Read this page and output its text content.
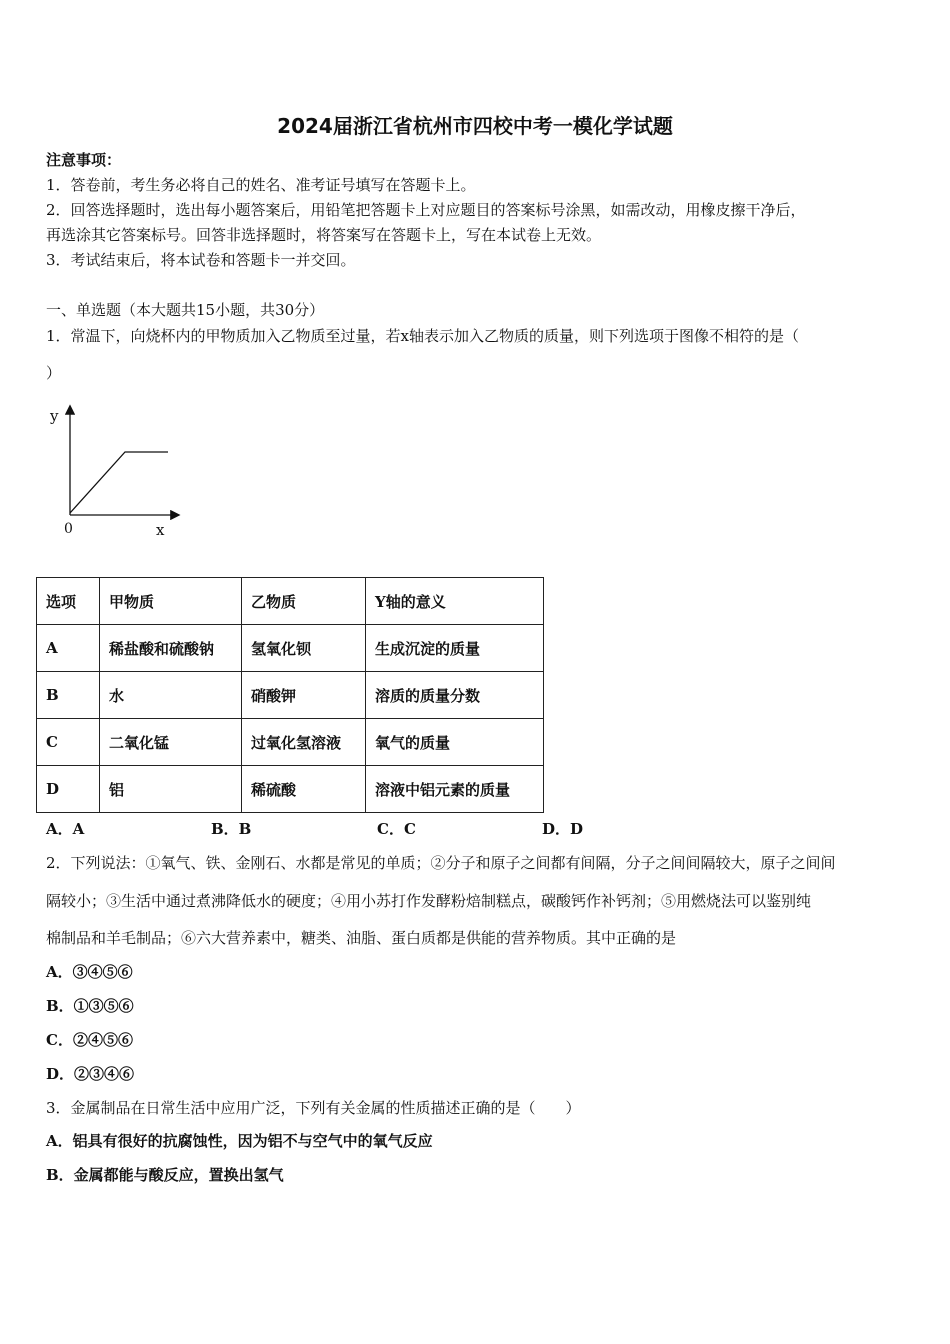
2024届浙江省杭州市四校中考一模化学试题
注意事项：
1．答卷前，考生务必将自己的姓名、准考证号填写在答题卡上。
2．回答选择题时，选出每小题答案后，用铅笔把答题卡上对应题目的答案标号涂黑，如需改动，用橡皮擦干净后，
再选涂其它答案标号。回答非选择题时，将答案写在答题卡上，写在本试卷上无效。
3．考试结束后，将本试卷和答题卡一并交回。
一、单选题（本大题共15小题，共30分）
1．常温下，向烧杯内的甲物质加入乙物质至过量，若x轴表示加入乙物质的质量，则下列选项于图像不相符的是（
）
y
0	x
选项	甲物质	乙物质	Y轴的意义
A	稀盐酸和硫酸钠	氢氧化钡	生成沉淀的质量
B	水	硝酸钾	溶质的质量分数
C	二氧化锰	过氧化氢溶液	氧气的质量
D	铝	稀硫酸	溶液中铝元素的质量
A．A	B．B	C．C	D．D
2．下列说法：①氧气、铁、金刚石、水都是常见的单质；②分子和原子之间都有间隔，分子之间间隔较大，原子之间间
隔较小；③生活中通过煮沸降低水的硬度；④用小苏打作发酵粉焙制糕点，碳酸钙作补钙剂；⑤用燃烧法可以鉴别纯
棉制品和羊毛制品；⑥六大营养素中，糖类、油脂、蛋白质都是供能的营养物质。其中正确的是
A．③④⑤⑥
B．①③⑤⑥
C．②④⑤⑥
D．②③④⑥
3．金属制品在日常生活中应用广泛，下列有关金属的性质描述正确的是（　　）
A．铝具有很好的抗腐蚀性，因为铝不与空气中的氧气反应
B．金属都能与酸反应，置换出氢气
